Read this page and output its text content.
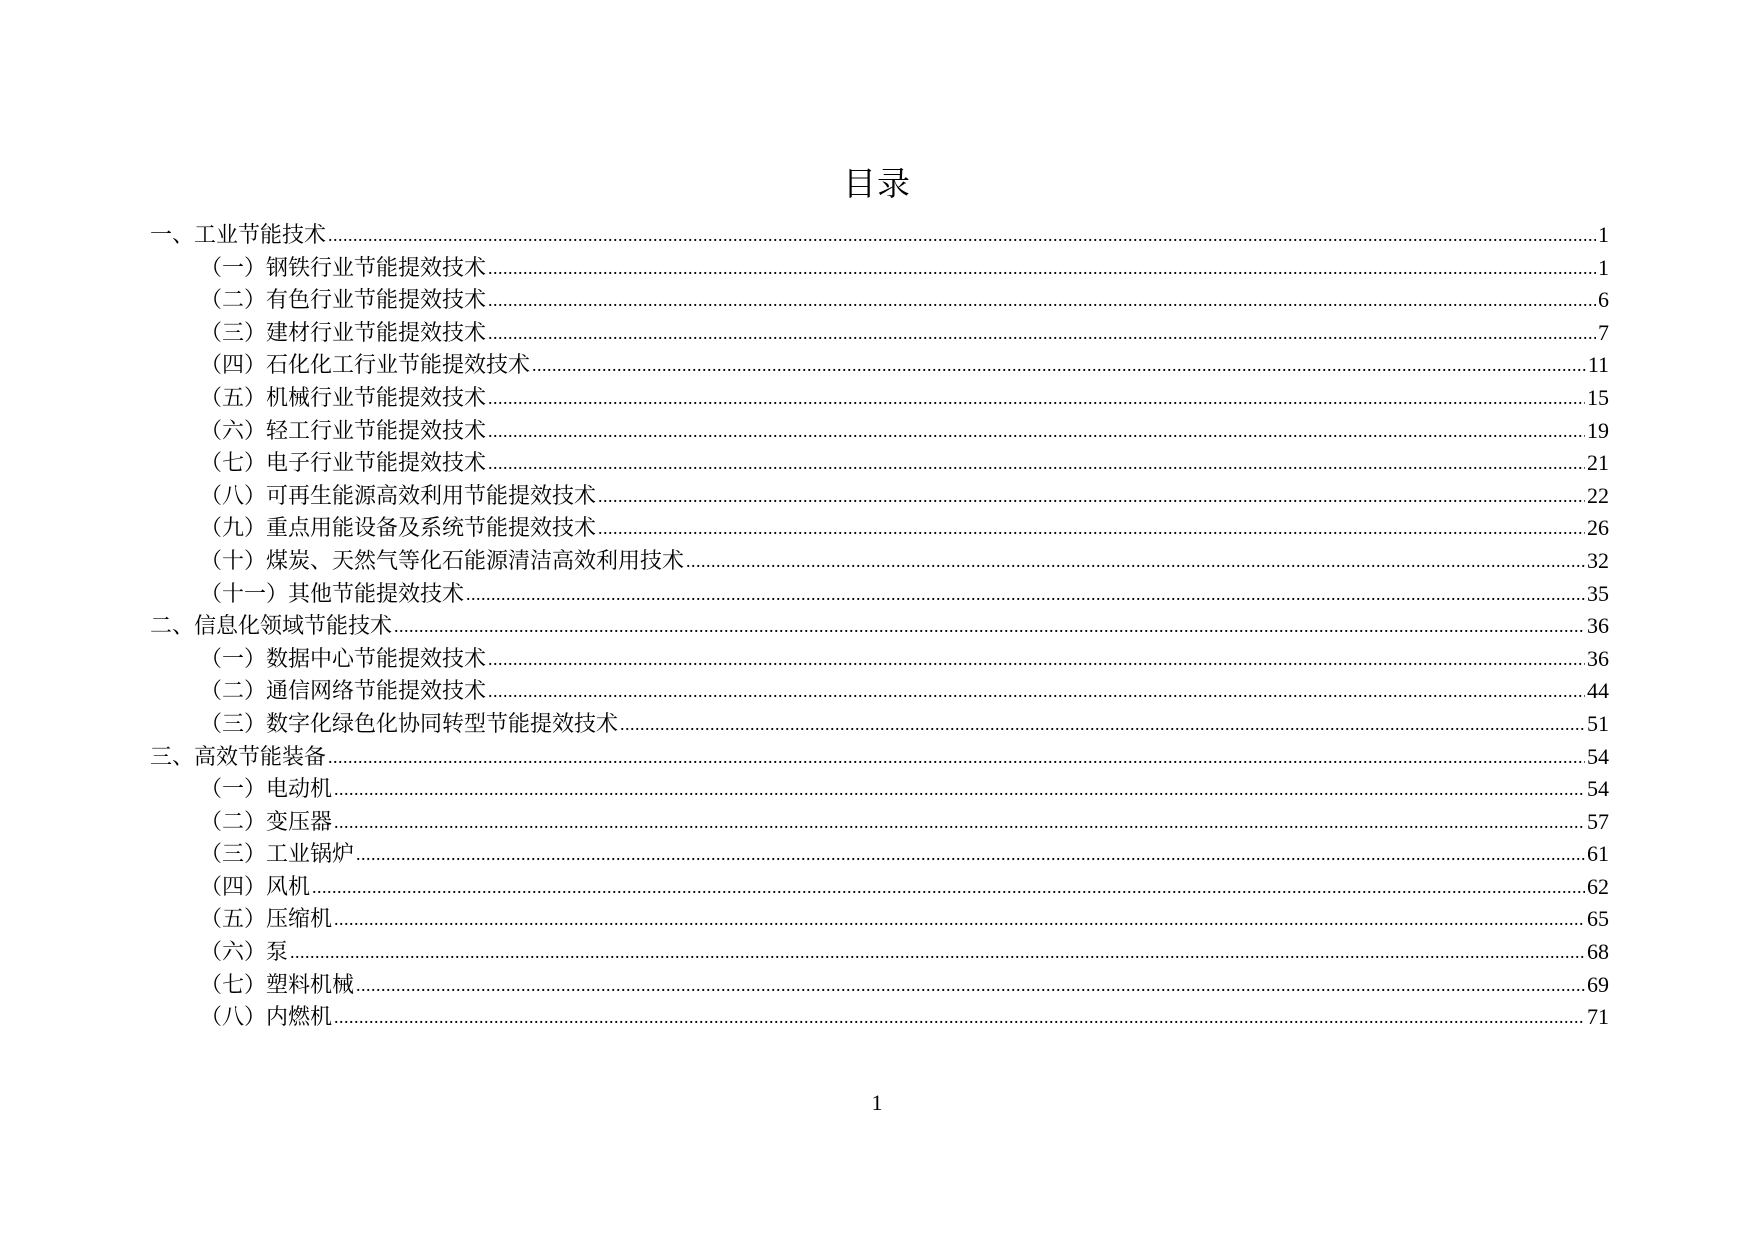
目录
一、工业节能技术 .....	1
（一）钢铁行业节能提效技术 .....	1
（二）有色行业节能提效技术 .....	6
（三）建材行业节能提效技术 .....	7
（四）石化化工行业节能提效技术 .....	11
（五）机械行业节能提效技术 .....	15
（六）轻工行业节能提效技术 .....	19
（七）电子行业节能提效技术 .....	21
（八）可再生能源高效利用节能提效技术 .....	22
（九）重点用能设备及系统节能提效技术 .....	26
（十）煤炭、天然气等化石能源清洁高效利用技术 .....	32
（十一）其他节能提效技术 .....	35
二、信息化领域节能技术 .....	36
（一）数据中心节能提效技术 .....	36
（二）通信网络节能提效技术 .....	44
（三）数字化绿色化协同转型节能提效技术 .....	51
三、高效节能装备 .....	54
（一）电动机 .....	54
（二）变压器 .....	57
（三）工业锅炉 .....	61
（四）风机 .....	62
（五）压缩机 .....	65
（六）泵 .....	68
（七）塑料机械 .....	69
（八）内燃机 .....	71

1
